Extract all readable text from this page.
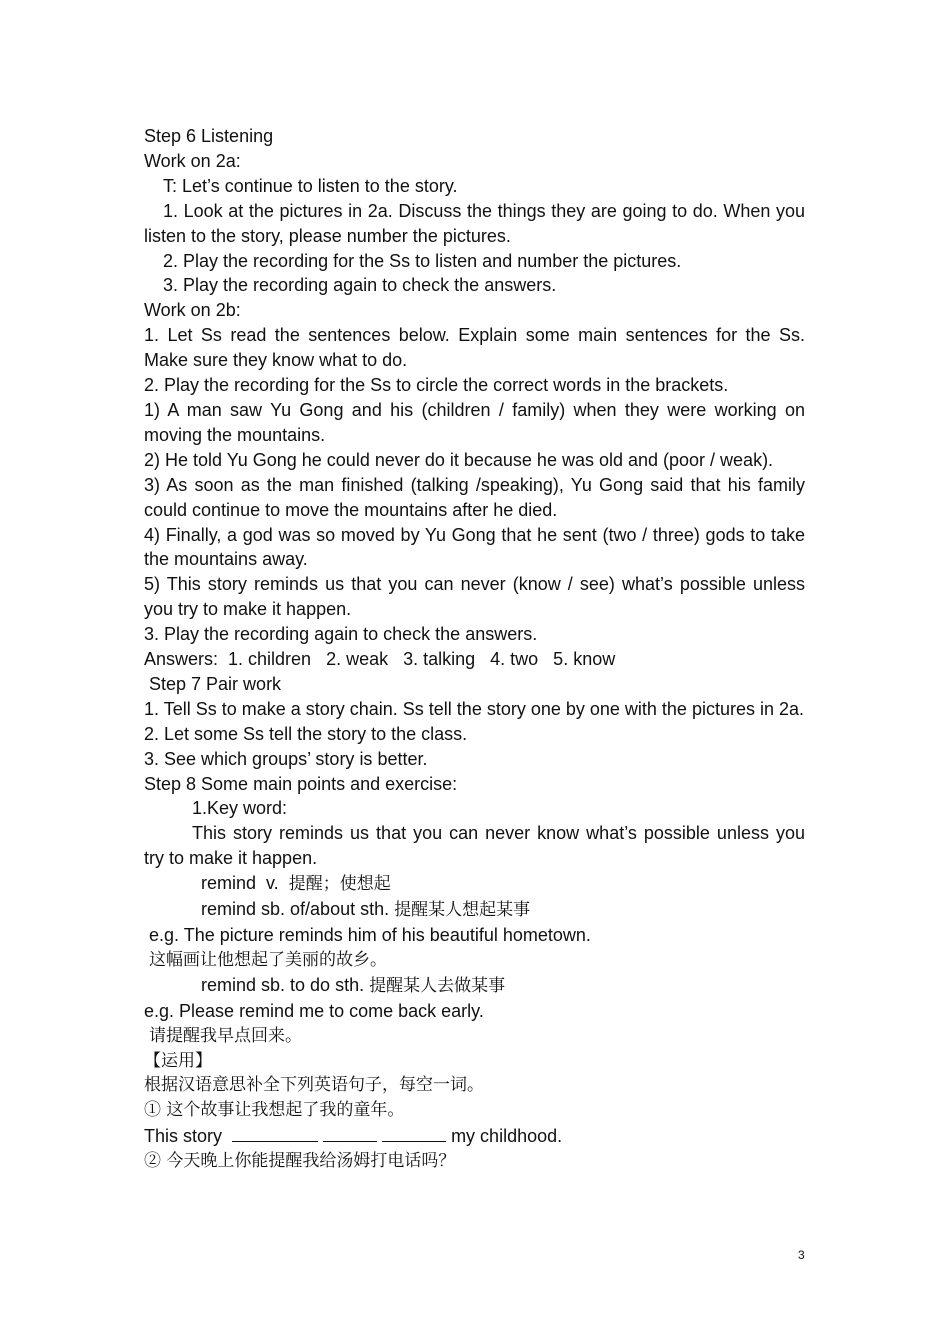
Step 6 Listening

Work on 2a:

T: Let’s continue to listen to the story.

1. Look at the pictures in 2a. Discuss the things they are going to do. When you listen to the story, please number the pictures.

2. Play the recording for the Ss to listen and number the pictures.

3. Play the recording again to check the answers.

Work on 2b:

1. Let Ss read the sentences below. Explain some main sentences for the Ss. Make sure they know what to do.

2. Play the recording for the Ss to circle the correct words in the brackets.

1) A man saw Yu Gong and his (children / family) when they were working on moving the mountains.

2) He told Yu Gong he could never do it because he was old and (poor / weak).

3) As soon as the man finished (talking /speaking), Yu Gong said that his family could continue to move the mountains after he died.

4) Finally, a god was so moved by Yu Gong that he sent (two / three) gods to take the mountains away.

5) This story reminds us that you can never (know / see) what’s possible unless you try to make it happen.

3. Play the recording again to check the answers.

Answers:  1. children   2. weak   3. talking   4. two   5. know

Step 7 Pair work

1. Tell Ss to make a story chain. Ss tell the story one by one with the pictures in 2a.

2. Let some Ss tell the story to the class.

3. See which groups’ story is better.

Step 8 Some main points and exercise:

1.Key word:

This story reminds us that you can never know what’s possible unless you try to make it happen.

remind  v.  提醒；使想起

remind sb. of/about sth. 提醒某人想起某事

e.g. The picture reminds him of his beautiful hometown.

这幅画让他想起了美丽的故乡。

remind sb. to do sth. 提醒某人去做某事

e.g. Please remind me to come back early.

请提醒我早点回来。

【运用】

根据汉语意思补全下列英语句子，每空一词。

① 这个故事让我想起了我的童年。

This story	my childhood.

② 今天晚上你能提醒我给汤姆打电话吗？

3
